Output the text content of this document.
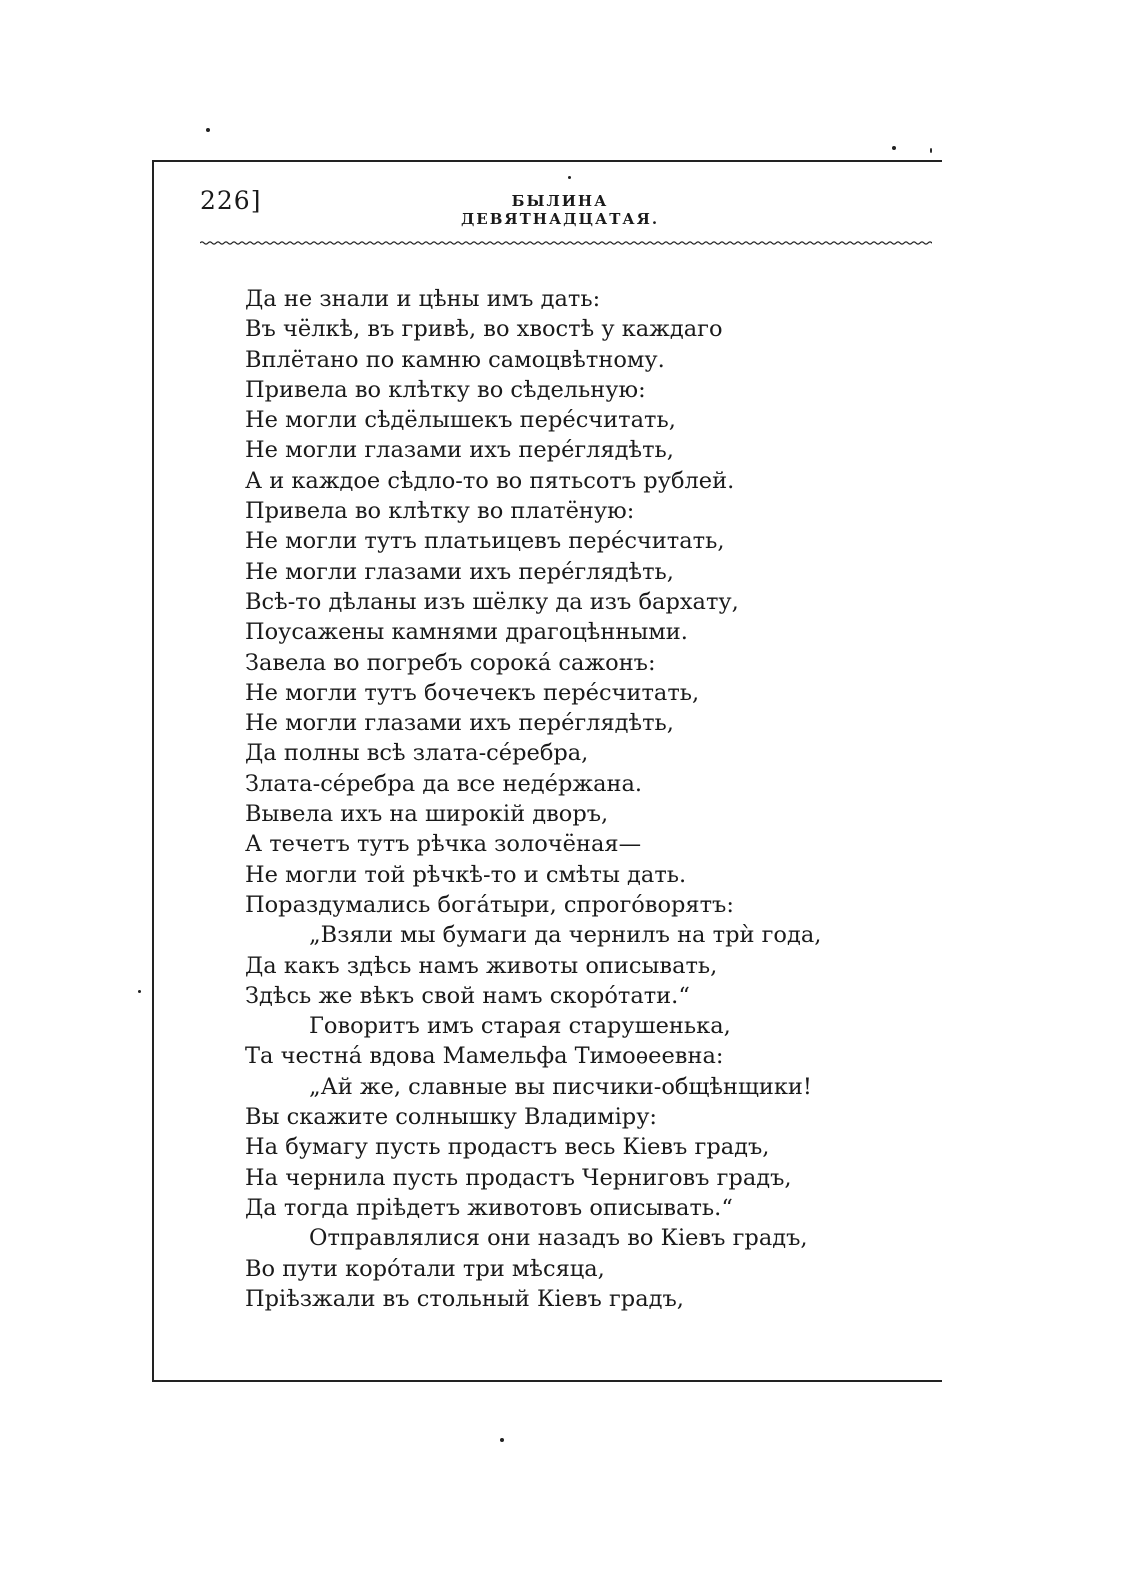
226]	БЫЛИНА ДЕВЯТНАДЦАТАЯ.
Да не знали и цѣны имъ дать:
Въ чёлкѣ, въ гривѣ, во хвостѣ у каждаго
Вплётано по камню самоцвѣтному.
Привела во клѣтку во сѣдельную:
Не могли сѣдёлышекъ перéсчитать,
Не могли глазами ихъ перéглядѣть,
А и каждое сѣдло-то во пятьсотъ рублей.
Привела во клѣтку во платёную:
Не могли тутъ платьицевъ перéсчитать,
Не могли глазами ихъ перéглядѣть,
Всѣ-то дѣланы изъ шёлку да изъ бархату,
Поусажены камнями драгоцѣнными.
Завела во погребъ сорокá сажонъ:
Не могли тутъ бочечекъ перéсчитать,
Не могли глазами ихъ перéглядѣть,
Да полны всѣ злата-сéребра,
Злата-сéребра да все недéржана.
Вывела ихъ на широкій дворъ,
А течетъ тутъ рѣчка золочёная—
Не могли той рѣчкѣ-то и смѣты дать.
Пораздумались богáтыри, спрогóворятъ:
„Взяли мы бумаги да чернилъ на трѝ года,
Да какъ здѣсь намъ животы описывать,
Здѣсь же вѣкъ свой намъ скорóтати.“
Говоритъ имъ старая старушенька,
Та честнá вдова Мамельфа Тимоѳеевна:
„Ай же, славные вы писчики-общѣнщики!
Вы скажите солнышку Владиміру:
На бумагу пусть продастъ весь Кіевъ градъ,
На чернила пусть продастъ Черниговъ градъ,
Да тогда пріѣдетъ животовъ описывать.“
Отправлялися они назадъ во Кіевъ градъ,
Во пути корóтали три мѣсяца,
Пріѣзжали въ стольный Кіевъ градъ,
